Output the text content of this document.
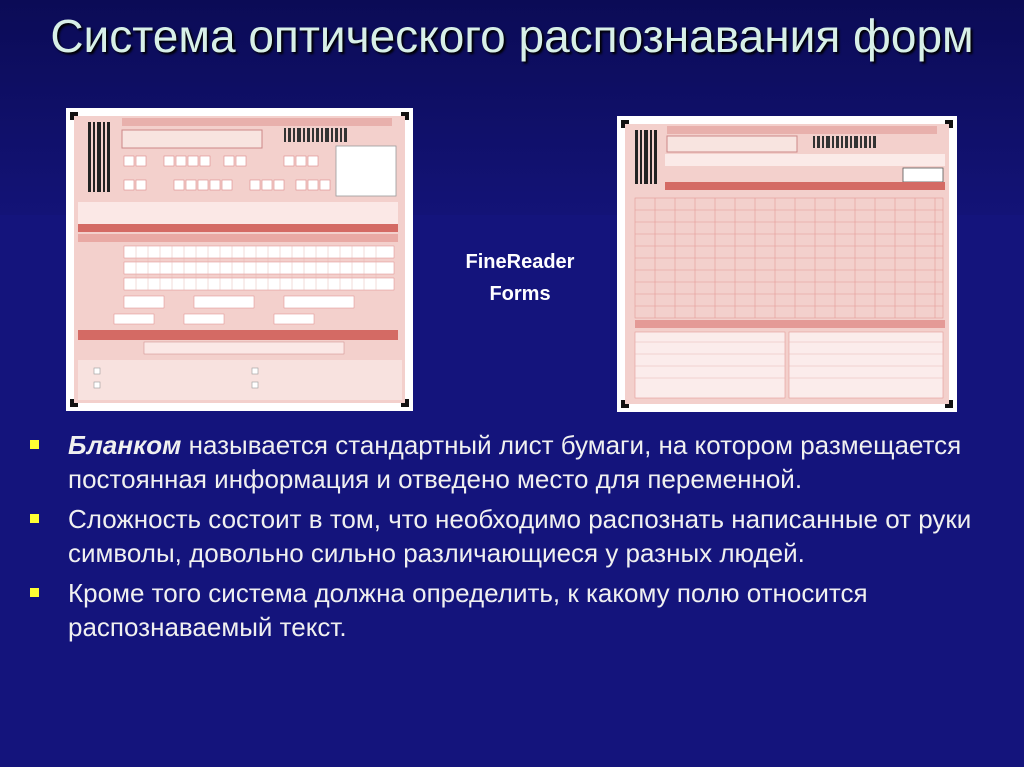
Система оптического распознавания форм
FineReader
Forms
Бланком называется стандартный лист бумаги, на котором размещается постоянная информация и отведено место для переменной.
Сложность состоит в том, что необходимо распознать написанные от руки символы, довольно сильно различающиеся у разных людей.
Кроме того система должна определить, к какому полю относится распознаваемый текст.
